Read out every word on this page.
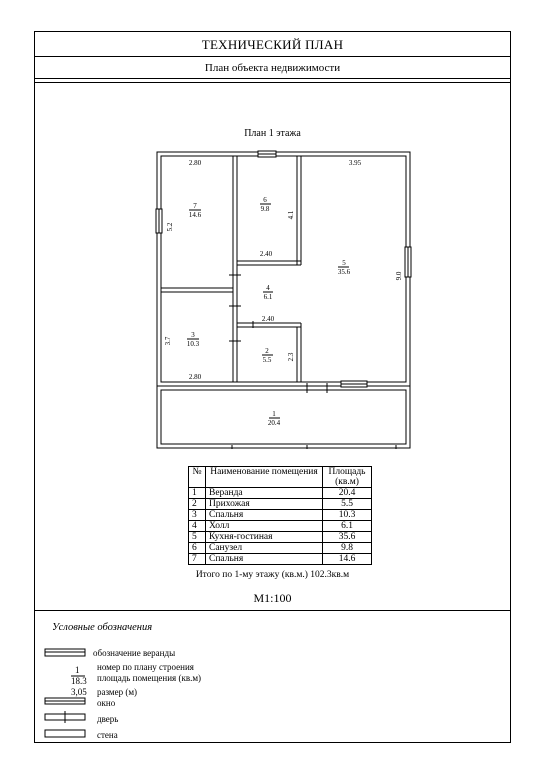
ТЕХНИЧЕСКИЙ ПЛАН
План объекта недвижимости
План 1 этажа
2.80	3.95
5.2
4.1
2.40
9.0
2.40
3.7
2.3
2.80
7
14.6
6
9.8
5
35.6
4
6.1
3
10.3
2
5.5
1
20.4
№	Наименование помещения	Площадь (кв.м)
1	Веранда	20.4
2	Прихожая	5.5
3	Спальня	10.3
4	Холл	6.1
5	Кухня-гостиная	35.6
6	Санузел	9.8
7	Спальня	14.6
Итого по 1-му этажу (кв.м.) 102.3кв.м
М1:100
Условные обозначения
обозначение веранды
1
18.3
номер по плану строения
площадь помещения (кв.м)
3,05 размер (м)
окно
дверь
стена
